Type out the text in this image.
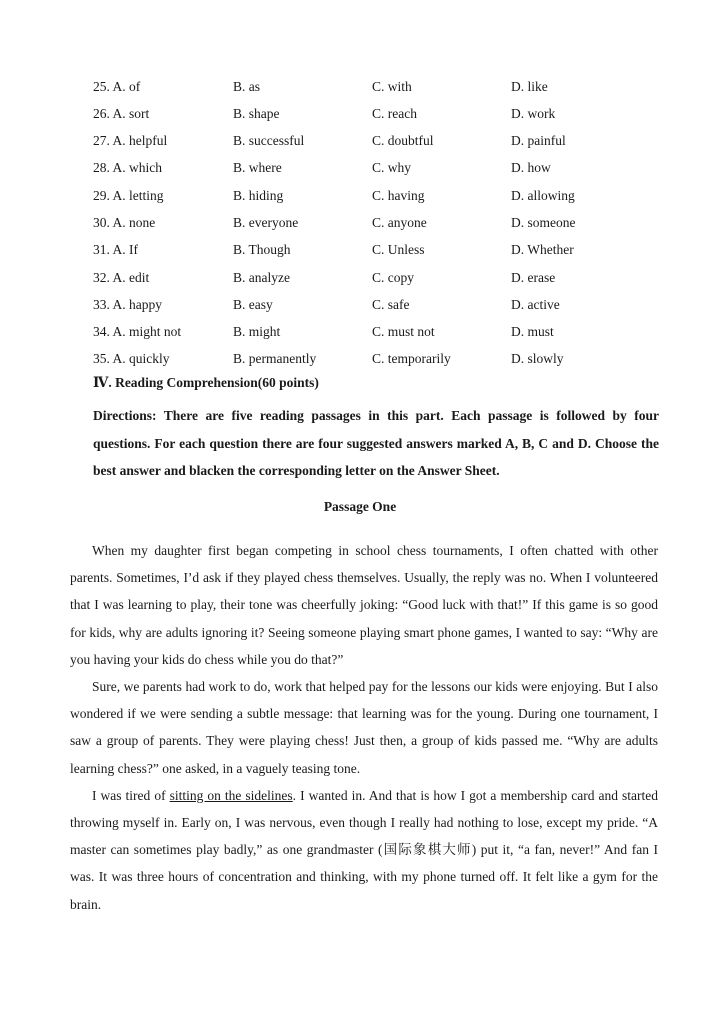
25. A. of	B. as	C. with	D. like
26. A. sort	B. shape	C. reach	D. work
27. A. helpful	B. successful	C. doubtful	D. painful
28. A. which	B. where	C. why	D. how
29. A. letting	B. hiding	C. having	D. allowing
30. A. none	B. everyone	C. anyone	D. someone
31. A. If	B. Though	C. Unless	D. Whether
32. A. edit	B. analyze	C. copy	D. erase
33. A. happy	B. easy	C. safe	D. active
34. A. might not	B. might	C. must not	D. must
35. A. quickly	B. permanently	C. temporarily	D. slowly
Ⅳ. Reading Comprehension(60 points)
Directions: There are five reading passages in this part. Each passage is followed by four questions. For each question there are four suggested answers marked A, B, C and D. Choose the best answer and blacken the corresponding letter on the Answer Sheet.
Passage One

When my daughter first began competing in school chess tournaments, I often chatted with other parents. Sometimes, I’d ask if they played chess themselves. Usually, the reply was no. When I volunteered that I was learning to play, their tone was cheerfully joking: “Good luck with that!” If this game is so good for kids, why are adults ignoring it? Seeing someone playing smart phone games, I wanted to say: “Why are you having your kids do chess while you do that?”

Sure, we parents had work to do, work that helped pay for the lessons our kids were enjoying. But I also wondered if we were sending a subtle message: that learning was for the young. During one tournament, I saw a group of parents. They were playing chess! Just then, a group of kids passed me. “Why are adults learning chess?” one asked, in a vaguely teasing tone.

I was tired of sitting on the sidelines. I wanted in. And that is how I got a membership card and started throwing myself in. Early on, I was nervous, even though I really had nothing to lose, except my pride. “A master can sometimes play badly,” as one grandmaster (国际象棋大师) put it, “a fan, never!” And fan I was. It was three hours of concentration and thinking, with my phone turned off. It felt like a gym for the brain.
